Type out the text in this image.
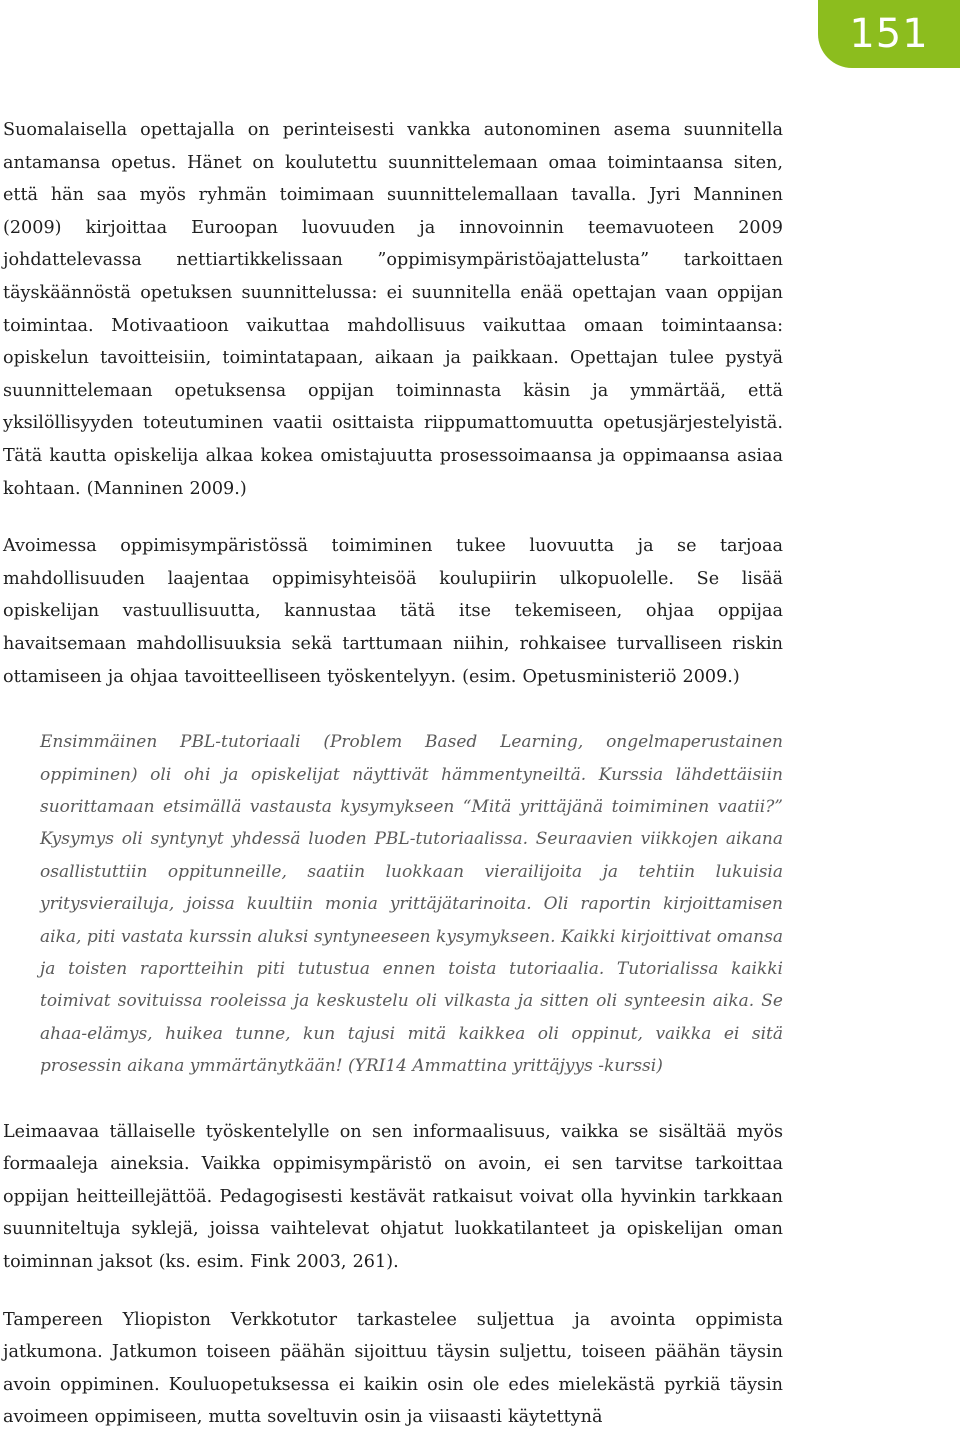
151

Suomalaisella opettajalla on perinteisesti vankka autonominen asema suunnitella antamansa opetus. Hänet on koulutettu suunnittelemaan omaa toimintaansa siten, että hän saa myös ryhmän toimimaan suunnittelemallaan tavalla. Jyri Manninen (2009) kirjoittaa Euroopan luovuuden ja innovoinnin teemavuoteen 2009 johdattelevassa nettiartikkelissaan ”oppimisympäristöajattelusta” tarkoittaen täyskäännöstä opetuksen suunnittelussa: ei suunnitella enää opettajan vaan oppijan toimintaa. Motivaatioon vaikuttaa mahdollisuus vaikuttaa omaan toimintaansa: opiskelun tavoitteisiin, toimintatapaan, aikaan ja paikkaan. Opettajan tulee pystyä suunnittelemaan opetuksensa oppijan toiminnasta käsin ja ymmärtää, että yksilöllisyyden toteutuminen vaatii osittaista riippumattomuutta opetusjärjestelyistä. Tätä kautta opiskelija alkaa kokea omistajuutta prosessoimaansa ja oppimaansa asiaa kohtaan. (Manninen 2009.)

Avoimessa oppimisympäristössä toimiminen tukee luovuutta ja se tarjoaa mahdollisuuden laajentaa oppimisyhteisöä koulupiirin ulkopuolelle. Se lisää opiskelijan vastuullisuutta, kannustaa tätä itse tekemiseen, ohjaa oppijaa havaitsemaan mahdollisuuksia sekä tarttumaan niihin, rohkaisee turvalliseen riskin ottamiseen ja ohjaa tavoitteelliseen työskentelyyn. (esim. Opetusministeriö 2009.)

Ensimmäinen PBL-tutoriaali (Problem Based Learning, ongelmaperustainen oppiminen) oli ohi ja opiskelijat näyttivät hämmentyneiltä. Kurssia lähdettäisiin suorittamaan etsimällä vastausta kysymykseen “Mitä yrittäjänä toimiminen vaatii?” Kysymys oli syntynyt yhdessä luoden PBL-tutoriaalissa. Seuraavien viikkojen aikana osallistuttiin oppitunneille, saatiin luokkaan vierailijoita ja tehtiin lukuisia yritysvierailuja, joissa kuultiin monia yrittäjätarinoita. Oli raportin kirjoittamisen aika, piti vastata kurssin aluksi syntyneeseen kysymykseen. Kaikki kirjoittivat omansa ja toisten raportteihin piti tutustua ennen toista tutoriaalia. Tutorialissa kaikki toimivat sovituissa rooleissa ja keskustelu oli vilkasta ja sitten oli synteesin aika. Se ahaa-elämys, huikea tunne, kun tajusi mitä kaikkea oli oppinut, vaikka ei sitä prosessin aikana ymmärtänytkään! (YRI14 Ammattina yrittäjyys -kurssi)

Leimaavaa tällaiselle työskentelylle on sen informaalisuus, vaikka se sisältää myös formaaleja aineksia. Vaikka oppimisympäristö on avoin, ei sen tarvitse tarkoittaa oppijan heitteillejättöä. Pedagogisesti kestävät ratkaisut voivat olla hyvinkin tarkkaan suunniteltuja syklejä, joissa vaihtelevat ohjatut luokkatilanteet ja opiskelijan oman toiminnan jaksot (ks. esim. Fink 2003, 261).

Tampereen Yliopiston Verkkotutor tarkastelee suljettua ja avointa oppimista jatkumona. Jatkumon toiseen päähän sijoittuu täysin suljettu, toiseen päähän täysin avoin oppiminen. Kouluopetuksessa ei kaikin osin ole edes mielekästä pyrkiä täysin avoimeen oppimiseen, mutta soveltuvin osin ja viisaasti käytettynä
